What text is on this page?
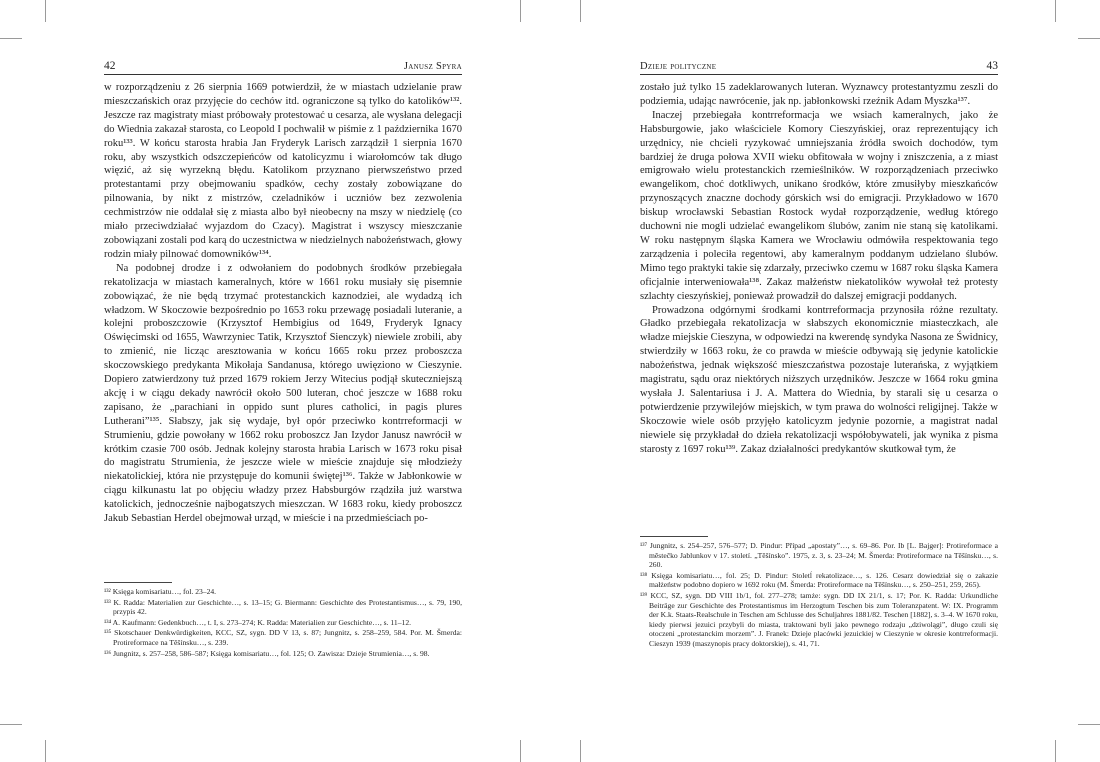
42	Janusz Spyra

w rozporządzeniu z 26 sierpnia 1669 potwierdził, że w miastach udzielanie praw mieszczańskich oraz przyjęcie do cechów itd. ograniczone są tylko do katolików¹³². Jeszcze raz magistraty miast próbowały protestować u cesarza, ale wysłana delegacji do Wiednia zakazał starosta, co Leopold I pochwalił w piśmie z 1 października 1670 roku¹³³. W końcu starosta hrabia Jan Fryderyk Larisch zarządził 1 sierpnia 1670 roku, aby wszystkich odszczepieńców od katolicyzmu i wiarołomców tak długo więzić, aż się wyrzekną błędu. Katolikom przyznano pierwszeństwo przed protestantami przy obejmowaniu spadków, cechy zostały zobowiązane do pilnowania, by nikt z mistrzów, czeladników i uczniów bez zezwolenia cechmistrzów nie oddalał się z miasta albo był nieobecny na mszy w niedzielę (co miało przeciwdziałać wyjazdom do Czacy). Magistrat i wszyscy mieszczanie zobowiązani zostali pod karą do uczestnictwa w niedzielnych nabożeństwach, głowy rodzin miały pilnować domowników¹³⁴.

Na podobnej drodze i z odwołaniem do podobnych środków przebiegała rekatolizacja w miastach kameralnych, które w 1661 roku musiały się pisemnie zobowiązać, że nie będą trzymać protestanckich kaznodziei, ale wydadzą ich władzom. W Skoczowie bezpośrednio po 1653 roku przewagę posiadali luteranie, a kolejni proboszczowie (Krzysztof Hembigius od 1649, Fryderyk Ignacy Oświęcimski od 1655, Wawrzyniec Tatik, Krzysztof Sienczyk) niewiele zrobili, aby to zmienić, nie licząc aresztowania w końcu 1665 roku przez proboszcza skoczowskiego predykanta Mikołaja Sandanusa, którego uwięziono w Cieszynie. Dopiero zatwierdzony tuż przed 1679 rokiem Jerzy Witecius podjął skuteczniejszą akcję i w ciągu dekady nawrócił około 500 luteran, choć jeszcze w 1688 roku zapisano, że „parachiani in oppido sunt plures catholici, in pagis plures Lutherani”¹³⁵. Słabszy, jak się wydaje, był opór przeciwko kontrreformacji w Strumieniu, gdzie powołany w 1662 roku proboszcz Jan Izydor Janusz nawrócił w krótkim czasie 700 osób. Jednak kolejny starosta hrabia Larisch w 1673 roku pisał do magistratu Strumienia, że jeszcze wiele w mieście znajduje się młodzieży niekatolickiej, która nie przystępuje do komunii świętej¹³⁶. Także w Jabłonkowie w ciągu kilkunastu lat po objęciu władzy przez Habsburgów rządziła już warstwa katolickich, jednocześnie najbogatszych mieszczan. W 1683 roku, kiedy proboszcz Jakub Sebastian Herdel obejmował urząd, w mieście i na przedmieściach po-

¹³² Księga komisariatu…, fol. 23–24.

¹³³ K. Radda: Materialien zur Geschichte…, s. 13–15; G. Biermann: Geschichte des Protestantismus…, s. 79, 190, przypis 42.

¹³⁴ A. Kaufmann: Gedenkbuch…, t. I, s. 273–274; K. Radda: Materialien zur Geschichte…, s. 11–12.

¹³⁵ Skotschauer Denkwürdigkeiten, KCC, SZ, sygn. DD V 13, s. 87; Jungnitz, s. 258–259, 584. Por. M. Šmerda: Protireformace na Těšínsku…, s. 239.

¹³⁶ Jungnitz, s. 257–258, 586–587; Księga komisariatu…, fol. 125; O. Zawisza: Dzieje Strumienia…, s. 98.

Dzieje polityczne	43

zostało już tylko 15 zadeklarowanych luteran. Wyznawcy protestantyzmu zeszli do podziemia, udając nawrócenie, jak np. jabłonkowski rzeźnik Adam Myszka¹³⁷.

Inaczej przebiegała kontrreformacja we wsiach kameralnych, jako że Habsburgowie, jako właściciele Komory Cieszyńskiej, oraz reprezentujący ich urzędnicy, nie chcieli ryzykować umniejszania źródła swoich dochodów, tym bardziej że druga połowa XVII wieku obfitowała w wojny i zniszczenia, a z miast emigrowało wielu protestanckich rzemieślników. W rozporządzeniach przeciwko ewangelikom, choć dotkliwych, unikano środków, które zmusiłyby mieszkańców przynoszących znaczne dochody górskich wsi do emigracji. Przykładowo w 1670 biskup wrocławski Sebastian Rostock wydał rozporządzenie, według którego duchowni nie mogli udzielać ewangelikom ślubów, zanim nie staną się katolikami. W roku następnym śląska Kamera we Wrocławiu odmówiła respektowania tego zarządzenia i poleciła regentowi, aby kameralnym poddanym udzielano ślubów. Mimo tego praktyki takie się zdarzały, przeciwko czemu w 1687 roku śląska Kamera oficjalnie interweniowała¹³⁸. Zakaz małżeństw niekatolików wywołał też protesty szlachty cieszyńskiej, ponieważ prowadził do dalszej emigracji poddanych.

Prowadzona odgórnymi środkami kontrreformacja przynosiła różne rezultaty. Gładko przebiegała rekatolizacja w słabszych ekonomicznie miasteczkach, ale władze miejskie Cieszyna, w odpowiedzi na kwerendę syndyka Nasona ze Świdnicy, stwierdziły w 1663 roku, że co prawda w mieście odbywają się jedynie katolickie nabożeństwa, jednak większość mieszczaństwa pozostaje luterańska, z wyjątkiem magistratu, sądu oraz niektórych niższych urzędników. Jeszcze w 1664 roku gmina wysłała J. Salentariusa i J. A. Mattera do Wiednia, by starali się u cesarza o potwierdzenie przywilejów miejskich, w tym prawa do wolności religijnej. Także w Skoczowie wiele osób przyjęło katolicyzm jedynie pozornie, a magistrat nadal niewiele się przykładał do dzieła rekatolizacji współobywateli, jak wynika z pisma starosty z 1697 roku¹³⁹. Zakaz działalności predykantów skutkował tym, że

¹³⁷ Jungnitz, s. 254–257, 576–577; D. Pindur: Případ „apostaty”…, s. 69–86. Por. Ib [L. Bajger]: Protireformace a městečko Jablunkov v 17. století. „Těšínsko”. 1975, z. 3, s. 23–24; M. Šmerda: Protireformace na Těšínsku…, s. 260.

¹³⁸ Księga komisariatu…, fol. 25; D. Pindur: Stoletĺ rekatolizace…, s. 126. Cesarz dowiedział się o zakazie małżeństw podobno dopiero w 1692 roku (M. Šmerda: Protireformace na Těšínsku…, s. 250–251, 259, 265).

¹³⁹ KCC, SZ, sygn. DD VIII 1b/1, fol. 277–278; tamże: sygn. DD IX 21/1, s. 17; Por. K. Radda: Urkundliche Beiträge zur Geschichte des Protestantismus im Herzogtum Teschen bis zum Toleranzpatent. W: IX. Programm der K.k. Staats-Realschule in Teschen am Schlusse des Schuljahres 1881/82. Teschen [1882], s. 3–4. W 1670 roku, kiedy pierwsi jezuici przybyli do miasta, traktowani byli jako pewnego rodzaju „dziwolągi”, długo czuli się otoczeni „protestanckim morzem”. J. Franek: Dzieje placówki jezuickiej w Cieszynie w okresie kontrreformacji. Cieszyn 1939 (maszynopis pracy doktorskiej), s. 41, 71.
